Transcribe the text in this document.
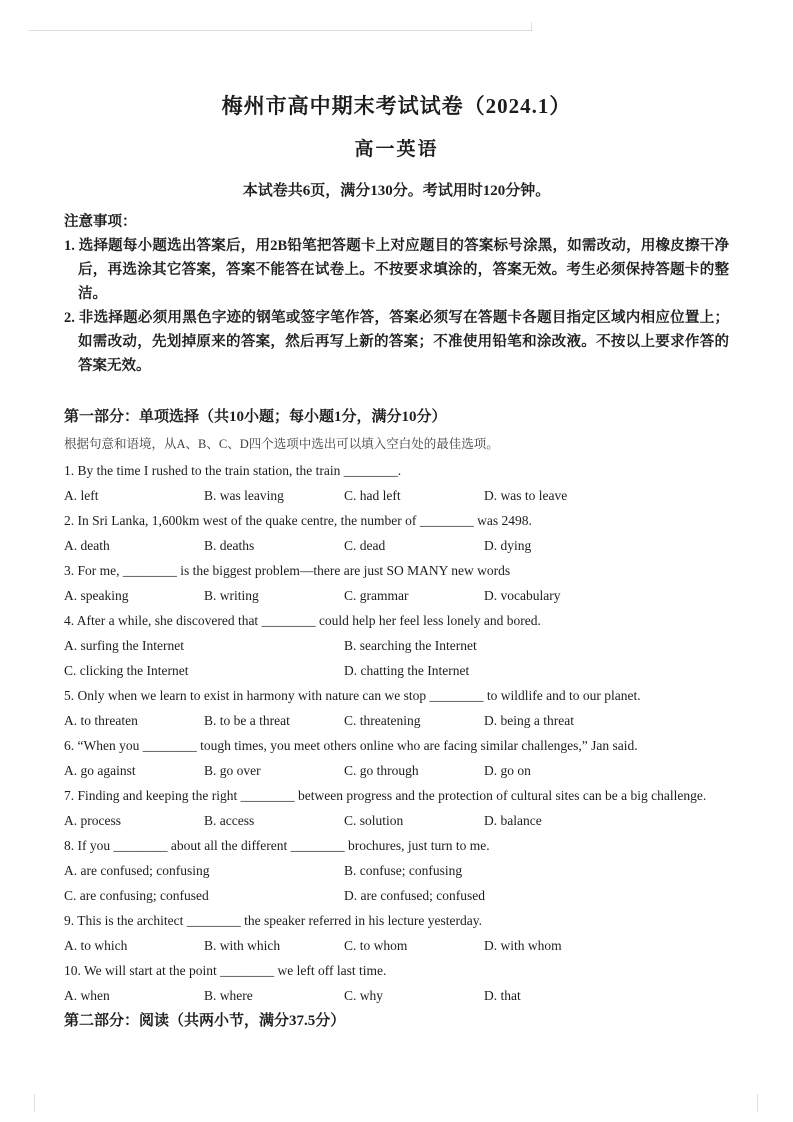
梅州市高中期末考试试卷（2024.1）
高一英语

本试卷共6页，满分130分。考试用时120分钟。

注意事项：

1. 选择题每小题选出答案后，用2B铅笔把答题卡上对应题目的答案标号涂黑，如需改动，用橡皮擦干净后，再选涂其它答案，答案不能答在试卷上。不按要求填涂的，答案无效。考生必须保持答题卡的整洁。

2. 非选择题必须用黑色字迹的钢笔或签字笔作答，答案必须写在答题卡各题目指定区域内相应位置上；如需改动，先划掉原来的答案，然后再写上新的答案；不准使用铅笔和涂改液。不按以上要求作答的答案无效。

第一部分：单项选择（共10小题；每小题1分，满分10分）

根据句意和语境，从A、B、C、D四个选项中选出可以填入空白处的最佳选项。

1. By the time I rushed to the train station, the train ________.
A. left	B. was leaving	C. had left	D. was to leave
2. In Sri Lanka, 1,600km west of the quake centre, the number of ________ was 2498.
A. death	B. deaths	C. dead	D. dying
3. For me, ________ is the biggest problem—there are just SO MANY new words
A. speaking	B. writing	C. grammar	D. vocabulary
4. After a while, she discovered that ________ could help her feel less lonely and bored.
A. surfing the Internet	B. searching the Internet
C. clicking the Internet	D. chatting the Internet
5. Only when we learn to exist in harmony with nature can we stop ________ to wildlife and to our planet.
A. to threaten	B. to be a threat	C. threatening	D. being a threat
6. “When you ________ tough times, you meet others online who are facing similar challenges,” Jan said.
A. go against	B. go over	C. go through	D. go on
7. Finding and keeping the right ________ between progress and the protection of cultural sites can be a big challenge.
A. process	B. access	C. solution	D. balance
8. If you ________ about all the different ________ brochures, just turn to me.
A. are confused; confusing	B. confuse; confusing
C. are confusing; confused	D. are confused; confused
9. This is the architect ________ the speaker referred in his lecture yesterday.
A. to which	B. with which	C. to whom	D. with whom
10. We will start at the point ________ we left off last time.
A. when	B. where	C. why	D. that

第二部分：阅读（共两小节，满分37.5分）
